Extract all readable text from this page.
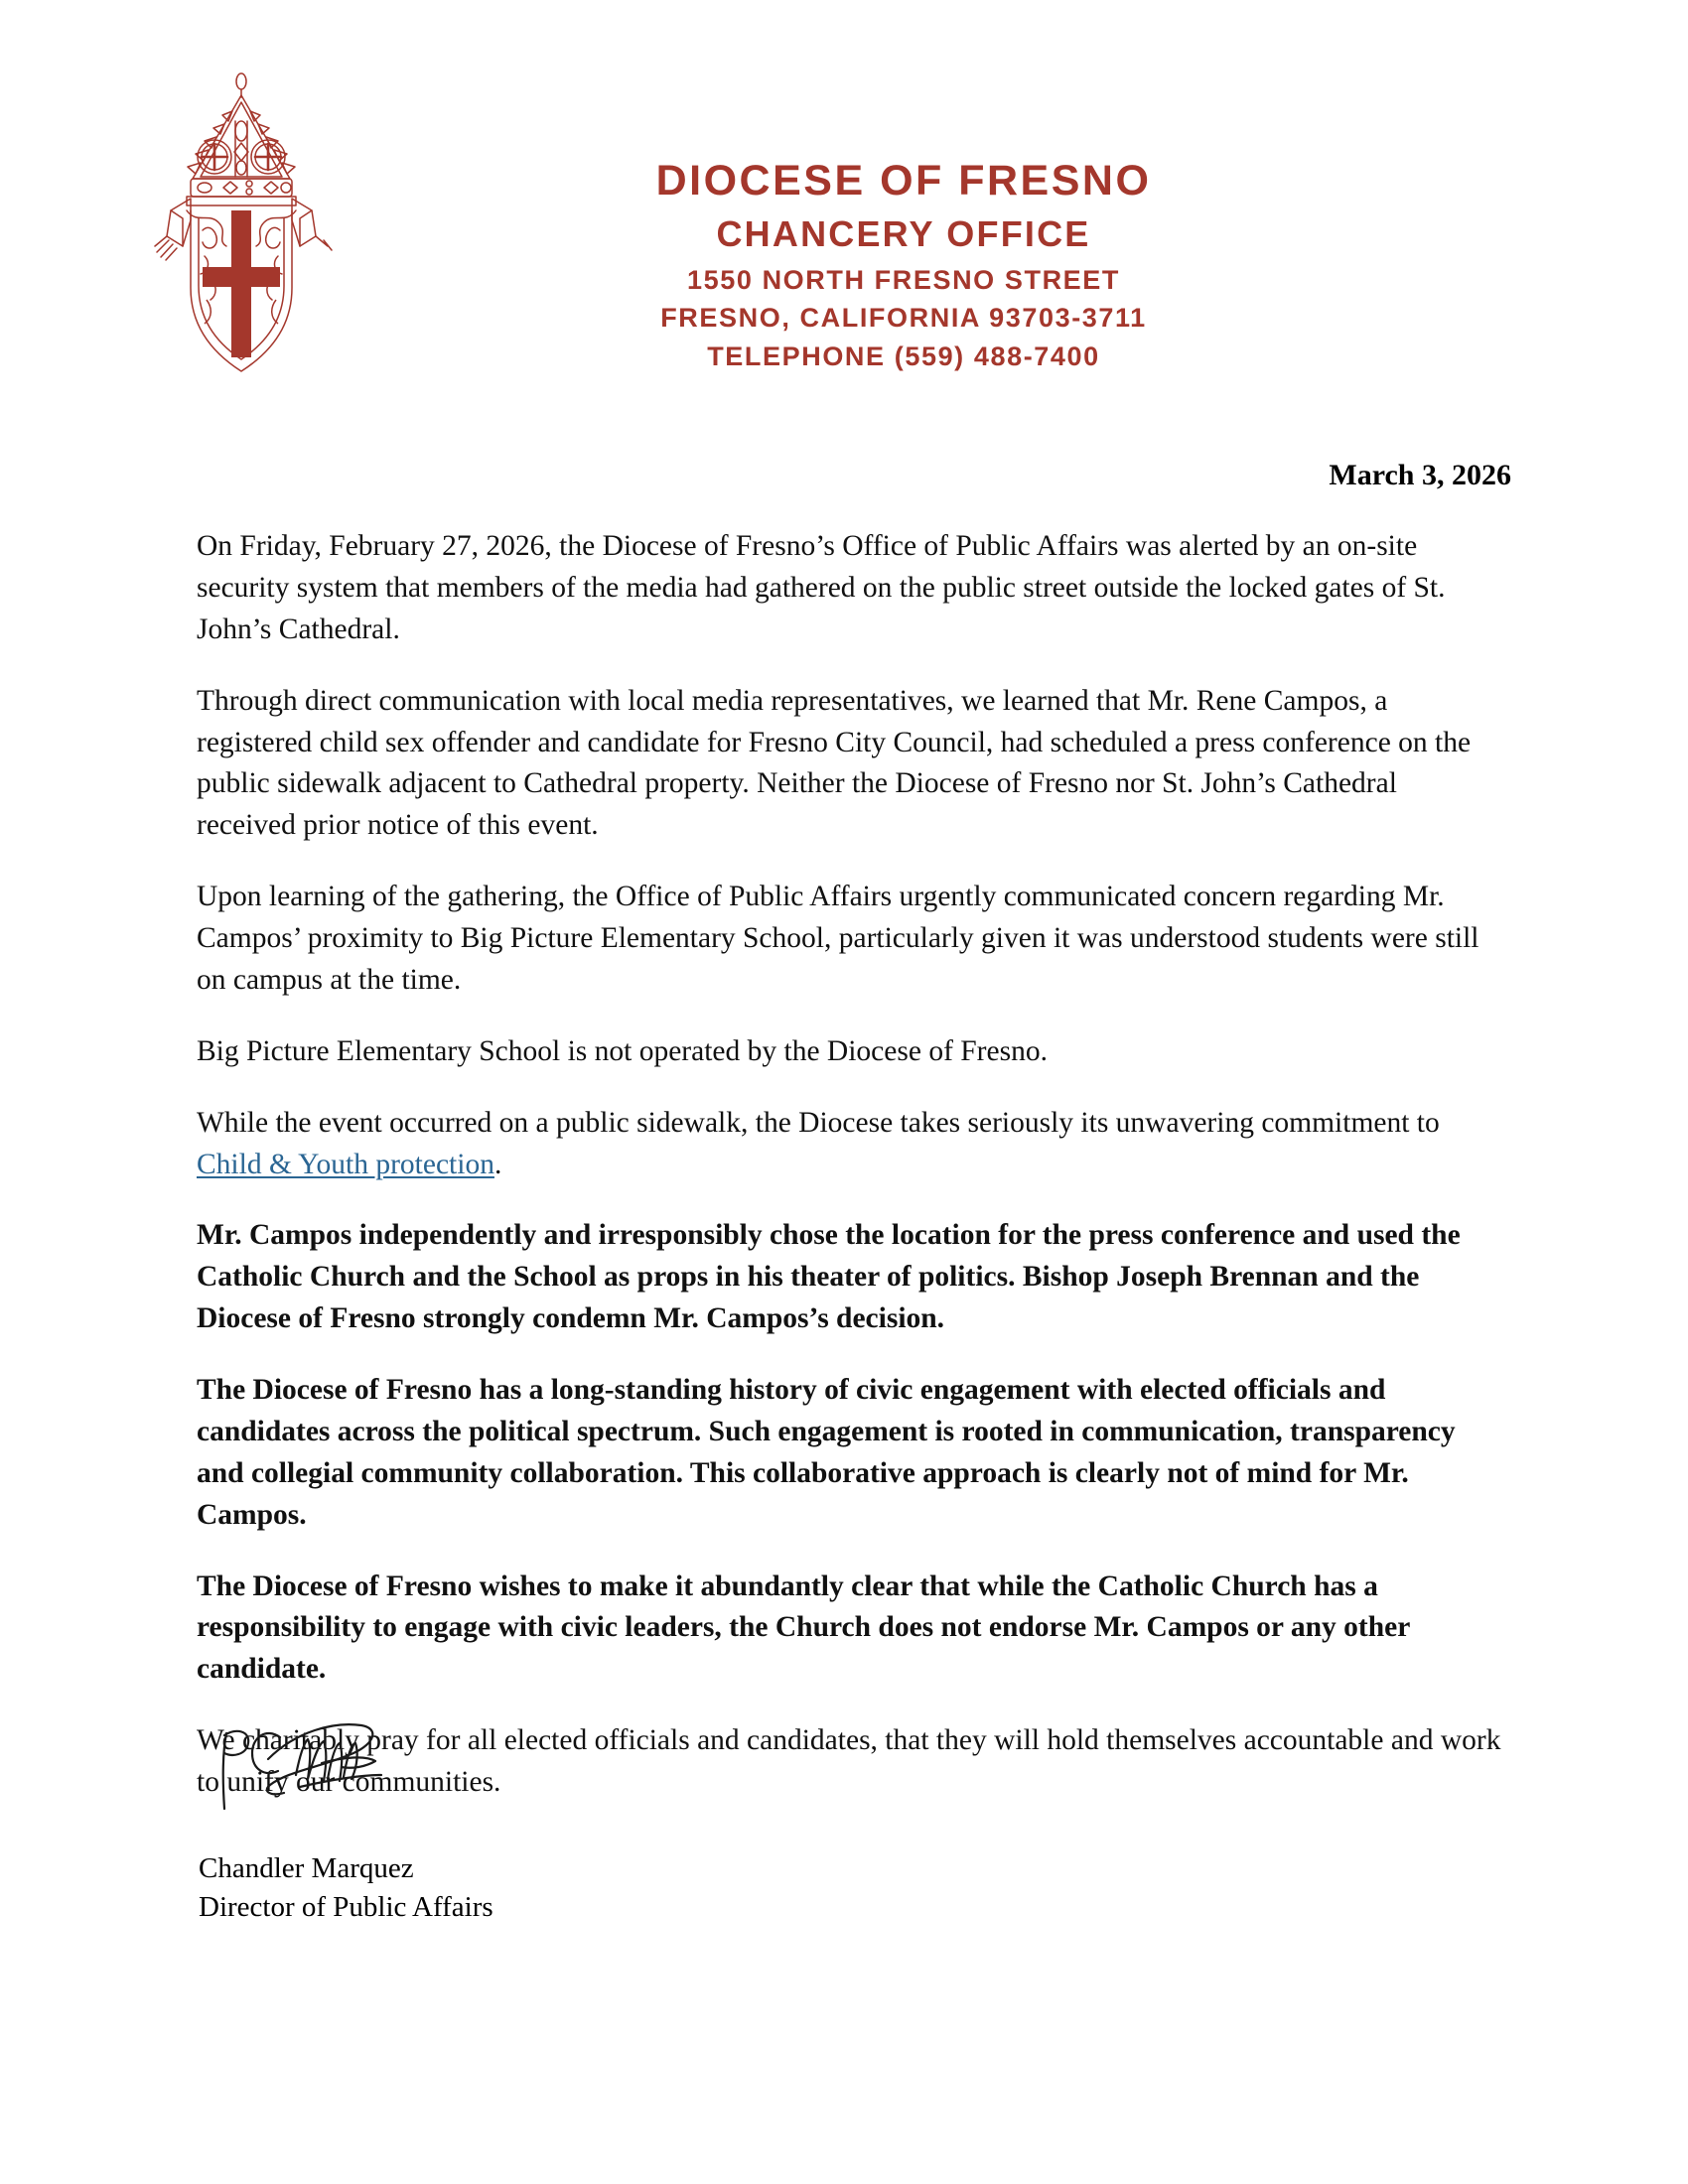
DIOCESE OF FRESNO
CHANCERY OFFICE
1550 NORTH FRESNO STREET
FRESNO, CALIFORNIA 93703-3711
TELEPHONE (559) 488-7400
March 3, 2026

On Friday, February 27, 2026, the Diocese of Fresno’s Office of Public Affairs was alerted by an on-site security system that members of the media had gathered on the public street outside the locked gates of St. John’s Cathedral.

Through direct communication with local media representatives, we learned that Mr. Rene Campos, a registered child sex offender and candidate for Fresno City Council, had scheduled a press conference on the public sidewalk adjacent to Cathedral property. Neither the Diocese of Fresno nor St. John’s Cathedral received prior notice of this event.

Upon learning of the gathering, the Office of Public Affairs urgently communicated concern regarding Mr. Campos’ proximity to Big Picture Elementary School, particularly given it was understood students were still on campus at the time.

Big Picture Elementary School is not operated by the Diocese of Fresno.

While the event occurred on a public sidewalk, the Diocese takes seriously its unwavering commitment to Child & Youth protection.

Mr. Campos independently and irresponsibly chose the location for the press conference and used the Catholic Church and the School as props in his theater of politics. Bishop Joseph Brennan and the Diocese of Fresno strongly condemn Mr. Campos’s decision.

The Diocese of Fresno has a long-standing history of civic engagement with elected officials and candidates across the political spectrum. Such engagement is rooted in communication, transparency and collegial community collaboration. This collaborative approach is clearly not of mind for Mr. Campos.

The Diocese of Fresno wishes to make it abundantly clear that while the Catholic Church has a responsibility to engage with civic leaders, the Church does not endorse Mr. Campos or any other candidate.

We charitably pray for all elected officials and candidates, that they will hold themselves accountable and work to unify our communities.

Chandler Marquez
Director of Public Affairs
